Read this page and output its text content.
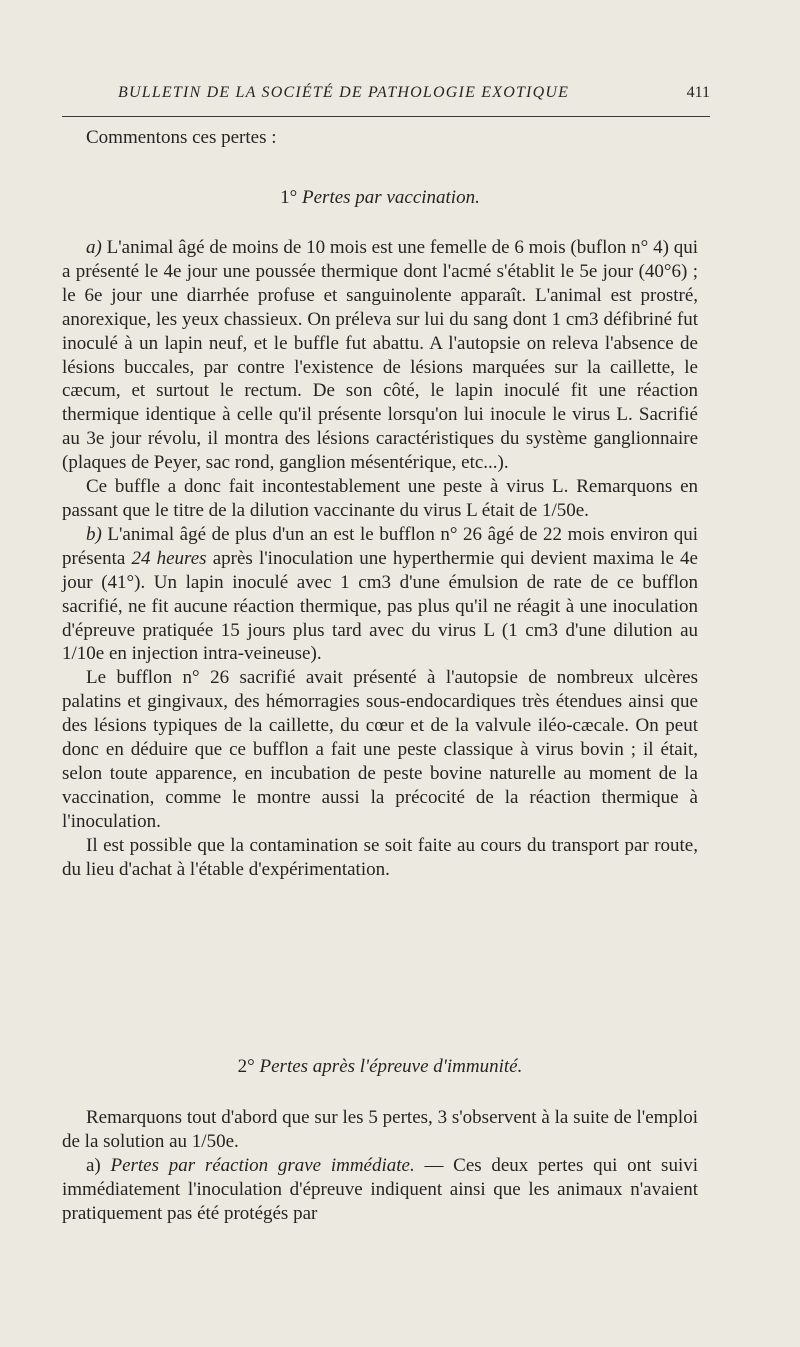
BULLETIN DE LA SOCIÉTÉ DE PATHOLOGIE EXOTIQUE	411

Commentons ces pertes :

1° Pertes par vaccination.

a) L'animal âgé de moins de 10 mois est une femelle de 6 mois (buflon n° 4) qui a présenté le 4e jour une poussée thermique dont l'acmé s'établit le 5e jour (40°6) ; le 6e jour une diarrhée profuse et sanguinolente apparaît. L'animal est prostré, anorexique, les yeux chassieux. On préleva sur lui du sang dont 1 cm3 défibriné fut inoculé à un lapin neuf, et le buffle fut abattu. A l'autopsie on releva l'absence de lésions buccales, par contre l'existence de lésions marquées sur la caillette, le cæcum, et surtout le rectum. De son côté, le lapin inoculé fit une réaction thermique identique à celle qu'il présente lorsqu'on lui inocule le virus L. Sacrifié au 3e jour révolu, il montra des lésions caractéristiques du système ganglionnaire (plaques de Peyer, sac rond, ganglion mésentérique, etc...).

Ce buffle a donc fait incontestablement une peste à virus L. Remarquons en passant que le titre de la dilution vaccinante du virus L était de 1/50e.

b) L'animal âgé de plus d'un an est le bufflon n° 26 âgé de 22 mois environ qui présenta 24 heures après l'inoculation une hyperthermie qui devient maxima le 4e jour (41°). Un lapin inoculé avec 1 cm3 d'une émulsion de rate de ce bufflon sacrifié, ne fit aucune réaction thermique, pas plus qu'il ne réagit à une inoculation d'épreuve pratiquée 15 jours plus tard avec du virus L (1 cm3 d'une dilution au 1/10e en injection intra-veineuse).

Le bufflon n° 26 sacrifié avait présenté à l'autopsie de nombreux ulcères palatins et gingivaux, des hémorragies sous-endocardiques très étendues ainsi que des lésions typiques de la caillette, du cœur et de la valvule iléo-cæcale. On peut donc en déduire que ce bufflon a fait une peste classique à virus bovin ; il était, selon toute apparence, en incubation de peste bovine naturelle au moment de la vaccination, comme le montre aussi la précocité de la réaction thermique à l'inoculation.

Il est possible que la contamination se soit faite au cours du transport par route, du lieu d'achat à l'étable d'expérimentation.

2° Pertes après l'épreuve d'immunité.

Remarquons tout d'abord que sur les 5 pertes, 3 s'observent à la suite de l'emploi de la solution au 1/50e.

a) Pertes par réaction grave immédiate. — Ces deux pertes qui ont suivi immédiatement l'inoculation d'épreuve indiquent ainsi que les animaux n'avaient pratiquement pas été protégés par
